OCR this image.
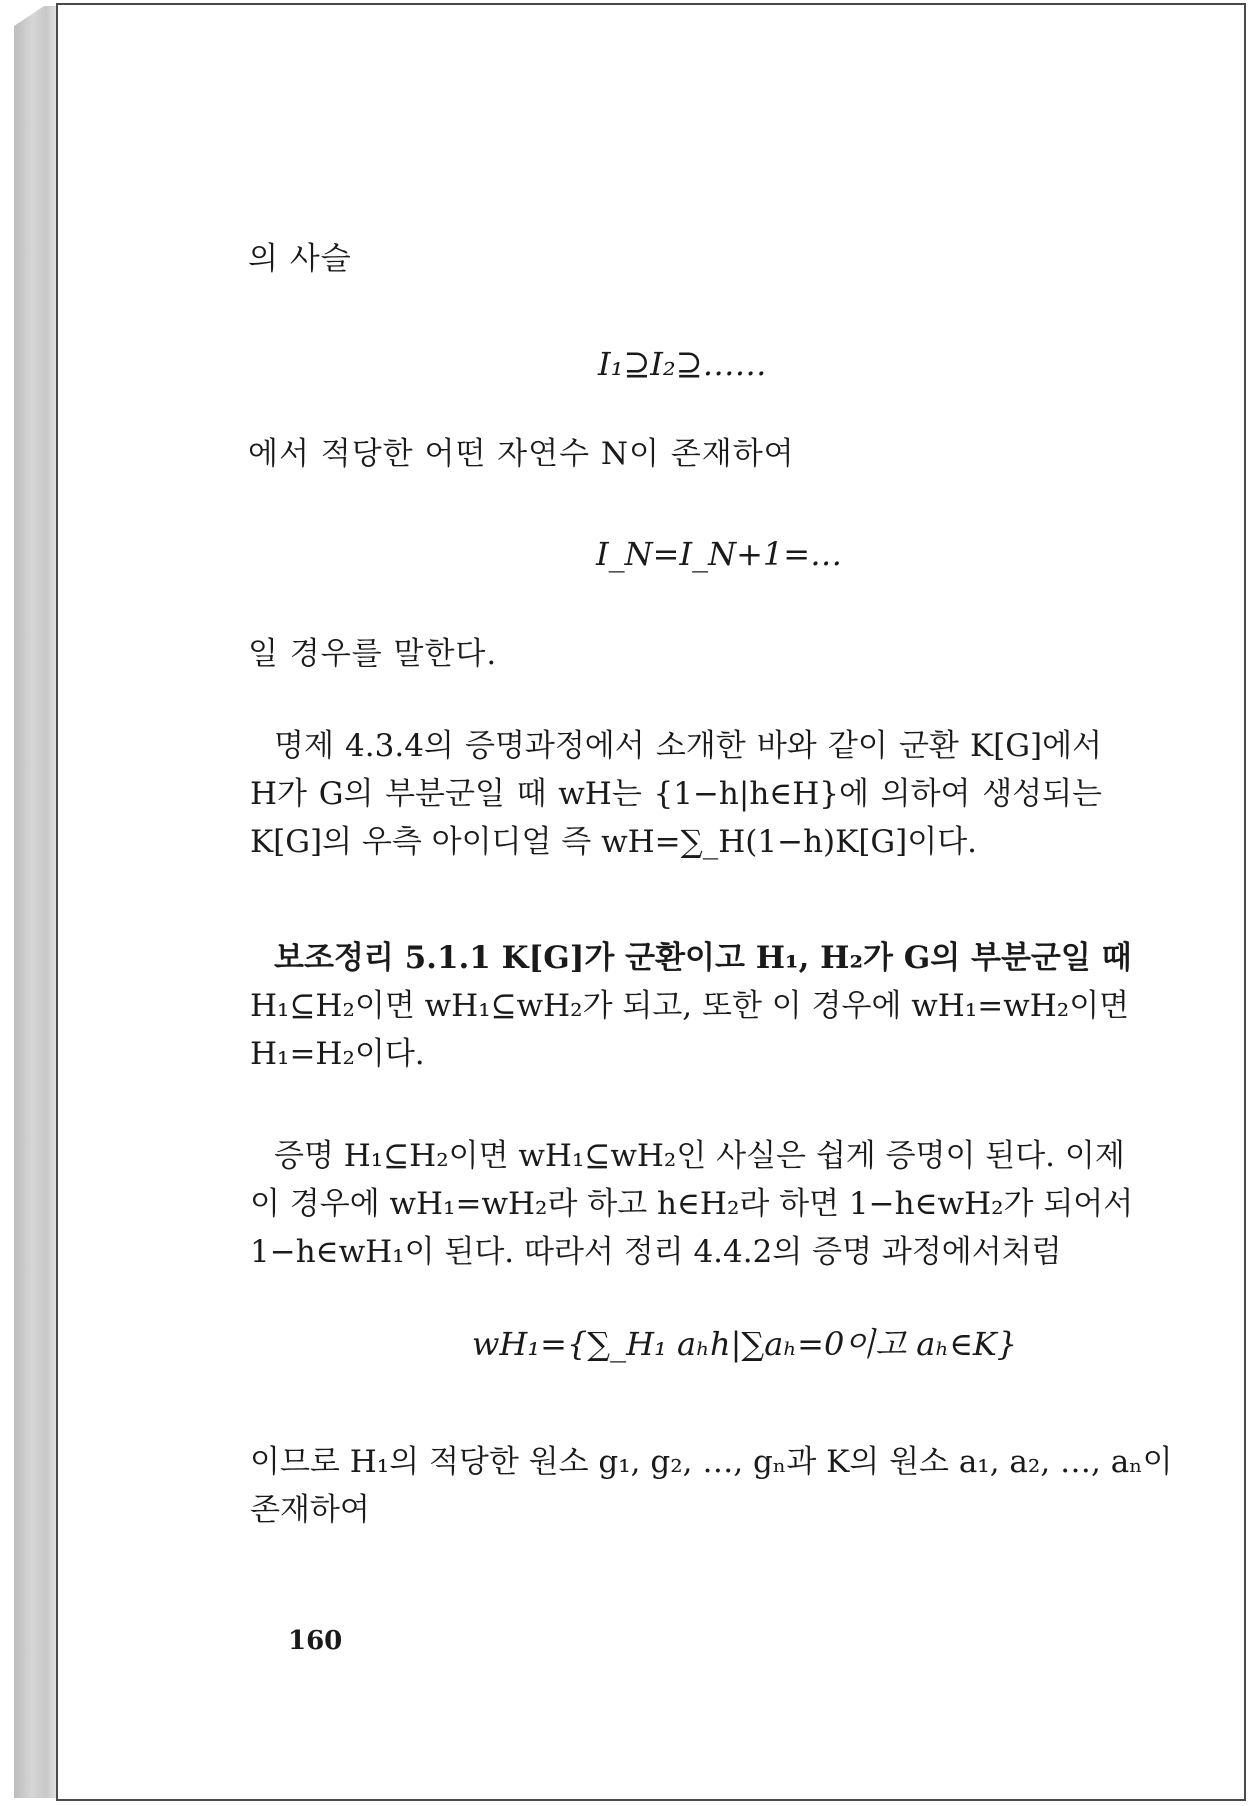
의 사슬
I₁⊇I₂⊇……
에서 적당한 어떤 자연수 N이 존재하여
I_N=I_N+1=…
일 경우를 말한다.
명제 4.3.4의 증명과정에서 소개한 바와 같이 군환 K[G]에서
H가 G의 부분군일 때 wH는 {1−h|h∈H}에 의하여 생성되는
K[G]의 우측 아이디얼 즉 wH=∑_H(1−h)K[G]이다.
보조정리 5.1.1 K[G]가 군환이고 H₁, H₂가 G의 부분군일 때
H₁⊆H₂이면 wH₁⊆wH₂가 되고, 또한 이 경우에 wH₁=wH₂이면
H₁=H₂이다.
증명 H₁⊆H₂이면 wH₁⊆wH₂인 사실은 쉽게 증명이 된다. 이제
이 경우에 wH₁=wH₂라 하고 h∈H₂라 하면 1−h∈wH₂가 되어서
1−h∈wH₁이 된다. 따라서 정리 4.4.2의 증명 과정에서처럼
wH₁={∑_H₁ aₕh|∑aₕ=0이고 aₕ∈K}
이므로 H₁의 적당한 원소 g₁, g₂, …, gₙ과 K의 원소 a₁, a₂, …, aₙ이
존재하여
160
